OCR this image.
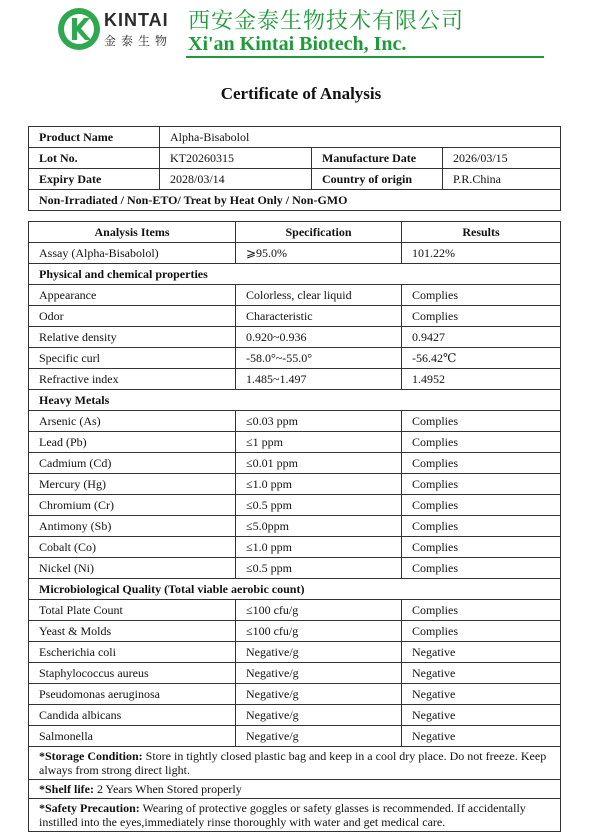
KINTAI
金泰生物
西安金泰生物技术有限公司
Xi'an Kintai Biotech, Inc.
Certificate of Analysis
Product Name	Alpha-Bisabolol		
Lot No.	KT20260315	Manufacture Date	2026/03/15
Expiry Date	2028/03/14	Country of origin	P.R.China
Non-Irradiated / Non-ETO/ Treat by Heat Only / Non-GMO			
Analysis Items	Specification	Results
Assay (Alpha-Bisabolol)	⩾95.0%	101.22%
Physical and chemical properties		
Appearance	Colorless, clear liquid	Complies
Odor	Characteristic	Complies
Relative density	0.920~0.936	0.9427
Specific curl	-58.0°~-55.0°	-56.42℃
Refractive index	1.485~1.497	1.4952
Heavy Metals		
Arsenic (As)	≤0.03 ppm	Complies
Lead (Pb)	≤1 ppm	Complies
Cadmium (Cd)	≤0.01 ppm	Complies
Mercury (Hg)	≤1.0 ppm	Complies
Chromium (Cr)	≤0.5 ppm	Complies
Antimony (Sb)	≤5.0ppm	Complies
Cobalt (Co)	≤1.0 ppm	Complies
Nickel (Ni)	≤0.5 ppm	Complies
Microbiological Quality (Total viable aerobic count)		
Total Plate Count	≤100 cfu/g	Complies
Yeast & Molds	≤100 cfu/g	Complies
Escherichia coli	Negative/g	Negative
Staphylococcus aureus	Negative/g	Negative
Pseudomonas aeruginosa	Negative/g	Negative
Candida albicans	Negative/g	Negative
Salmonella	Negative/g	Negative
*Storage Condition: Store in tightly closed plastic bag and keep in a cool dry place. Do not freeze. Keep always from strong direct light.		
*Shelf life: 2 Years When Stored properly		
*Safety Precaution: Wearing of protective goggles or safety glasses is recommended. If accidentally instilled into the eyes,immediately rinse thoroughly with water and get medical care.		
